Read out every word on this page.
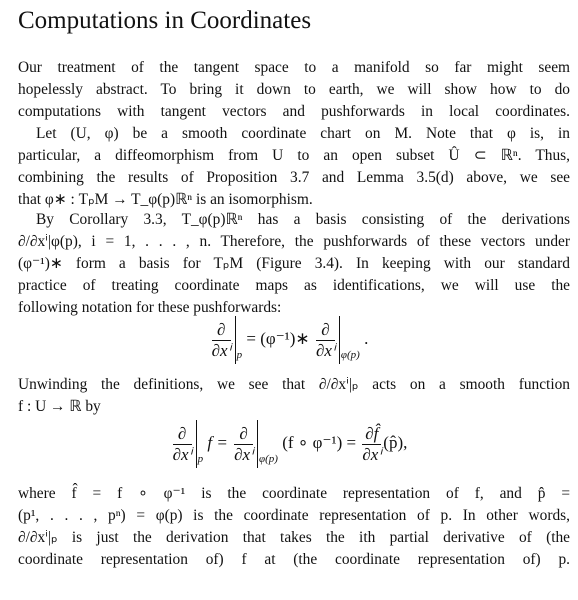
Computations in Coordinates
Our treatment of the tangent space to a manifold so far might seem
hopelessly abstract. To bring it down to earth, we will show how to do
computations with tangent vectors and pushforwards in local coordinates.
Let (U, φ) be a smooth coordinate chart on M. Note that φ is, in
particular, a diffeomorphism from U to an open subset Û ⊂ ℝⁿ. Thus,
combining the results of Proposition 3.7 and Lemma 3.5(d) above, we see
that φ∗ : TₚM → T_φ(p)ℝⁿ is an isomorphism.
By Corollary 3.3, T_φ(p)ℝⁿ has a basis consisting of the derivations
∂/∂xⁱ|φ(p), i = 1, . . . , n. Therefore, the pushforwards of these vectors under
(φ⁻¹)∗ form a basis for TₚM (Figure 3.4). In keeping with our standard
practice of treating coordinate maps as identifications, we will use the
following notation for these pushforwards:
$\frac{\partial}{\text{∂xⁱ}} _p$ = (φ⁻¹)∗ $\frac{\partial}{\text{∂xⁱ}} _{\varphi(p)}$ .
Unwinding the definitions, we see that ∂/∂xⁱ|ₚ acts on a smooth function
f : U → ℝ by
$\frac{\partial}{\text{∂xⁱ}} _p$ $f = \frac{\partial}{\text{∂xⁱ}} _{\varphi(p)}$ (f ∘ $\varphi^{-1}) = \frac{\partial f̂}{\text{∂xⁱ}}$ (p̂),
where f̂ = f ∘ φ⁻¹ is the coordinate representation of f, and p̂ =
(p¹, . . . , pⁿ) = φ(p) is the coordinate representation of p. In other words,
∂/∂xⁱ|ₚ is just the derivation that takes the ith partial derivative of (the
coordinate representation of) f at (the coordinate representation of) p.
